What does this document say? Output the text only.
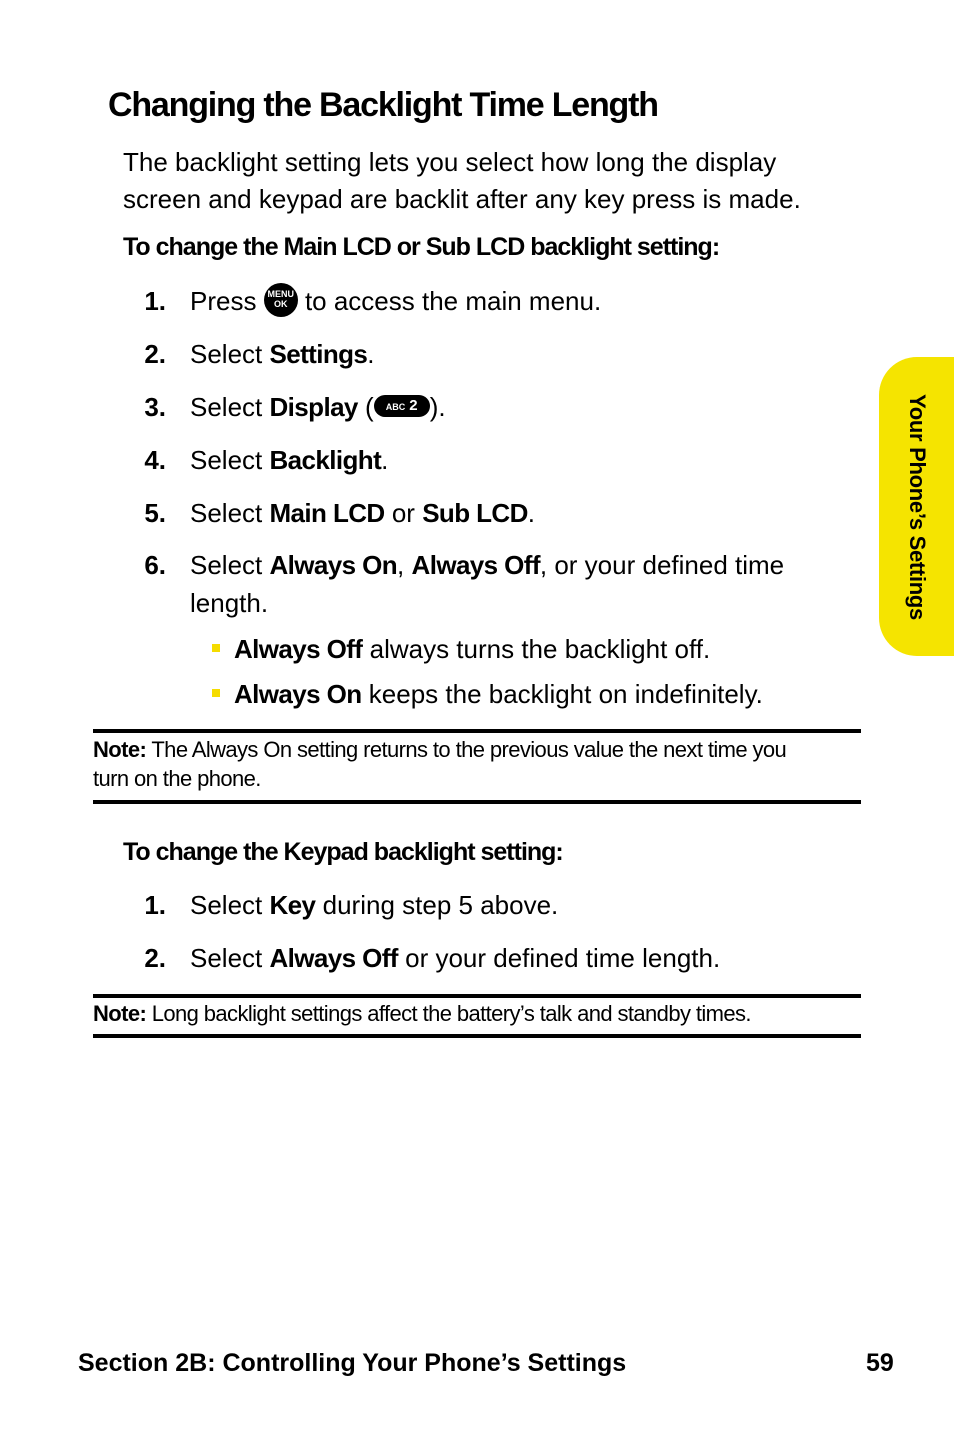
Changing the Backlight Time Length
The backlight setting lets you select how long the display screen and keypad are backlit after any key press is made.
To change the Main LCD or Sub LCD backlight setting:
1. Press MENU
OK to access the main menu.
2. Select Settings.
3. Select Display ( ABC 2 ).
4. Select Backlight.
5. Select Main LCD or Sub LCD.
6. Select Always On, Always Off, or your defined time
length.
Always Off always turns the backlight off.
Always On keeps the backlight on indefinitely.
Note: The Always On setting returns to the previous value the next time you
turn on the phone.
To change the Keypad backlight setting:
1. Select Key during step 5 above.
2. Select Always Off or your defined time length.
Note: Long backlight settings affect the battery’s talk and standby times.
Your Phone’s Settings
Section 2B: Controlling Your Phone’s Settings	59
